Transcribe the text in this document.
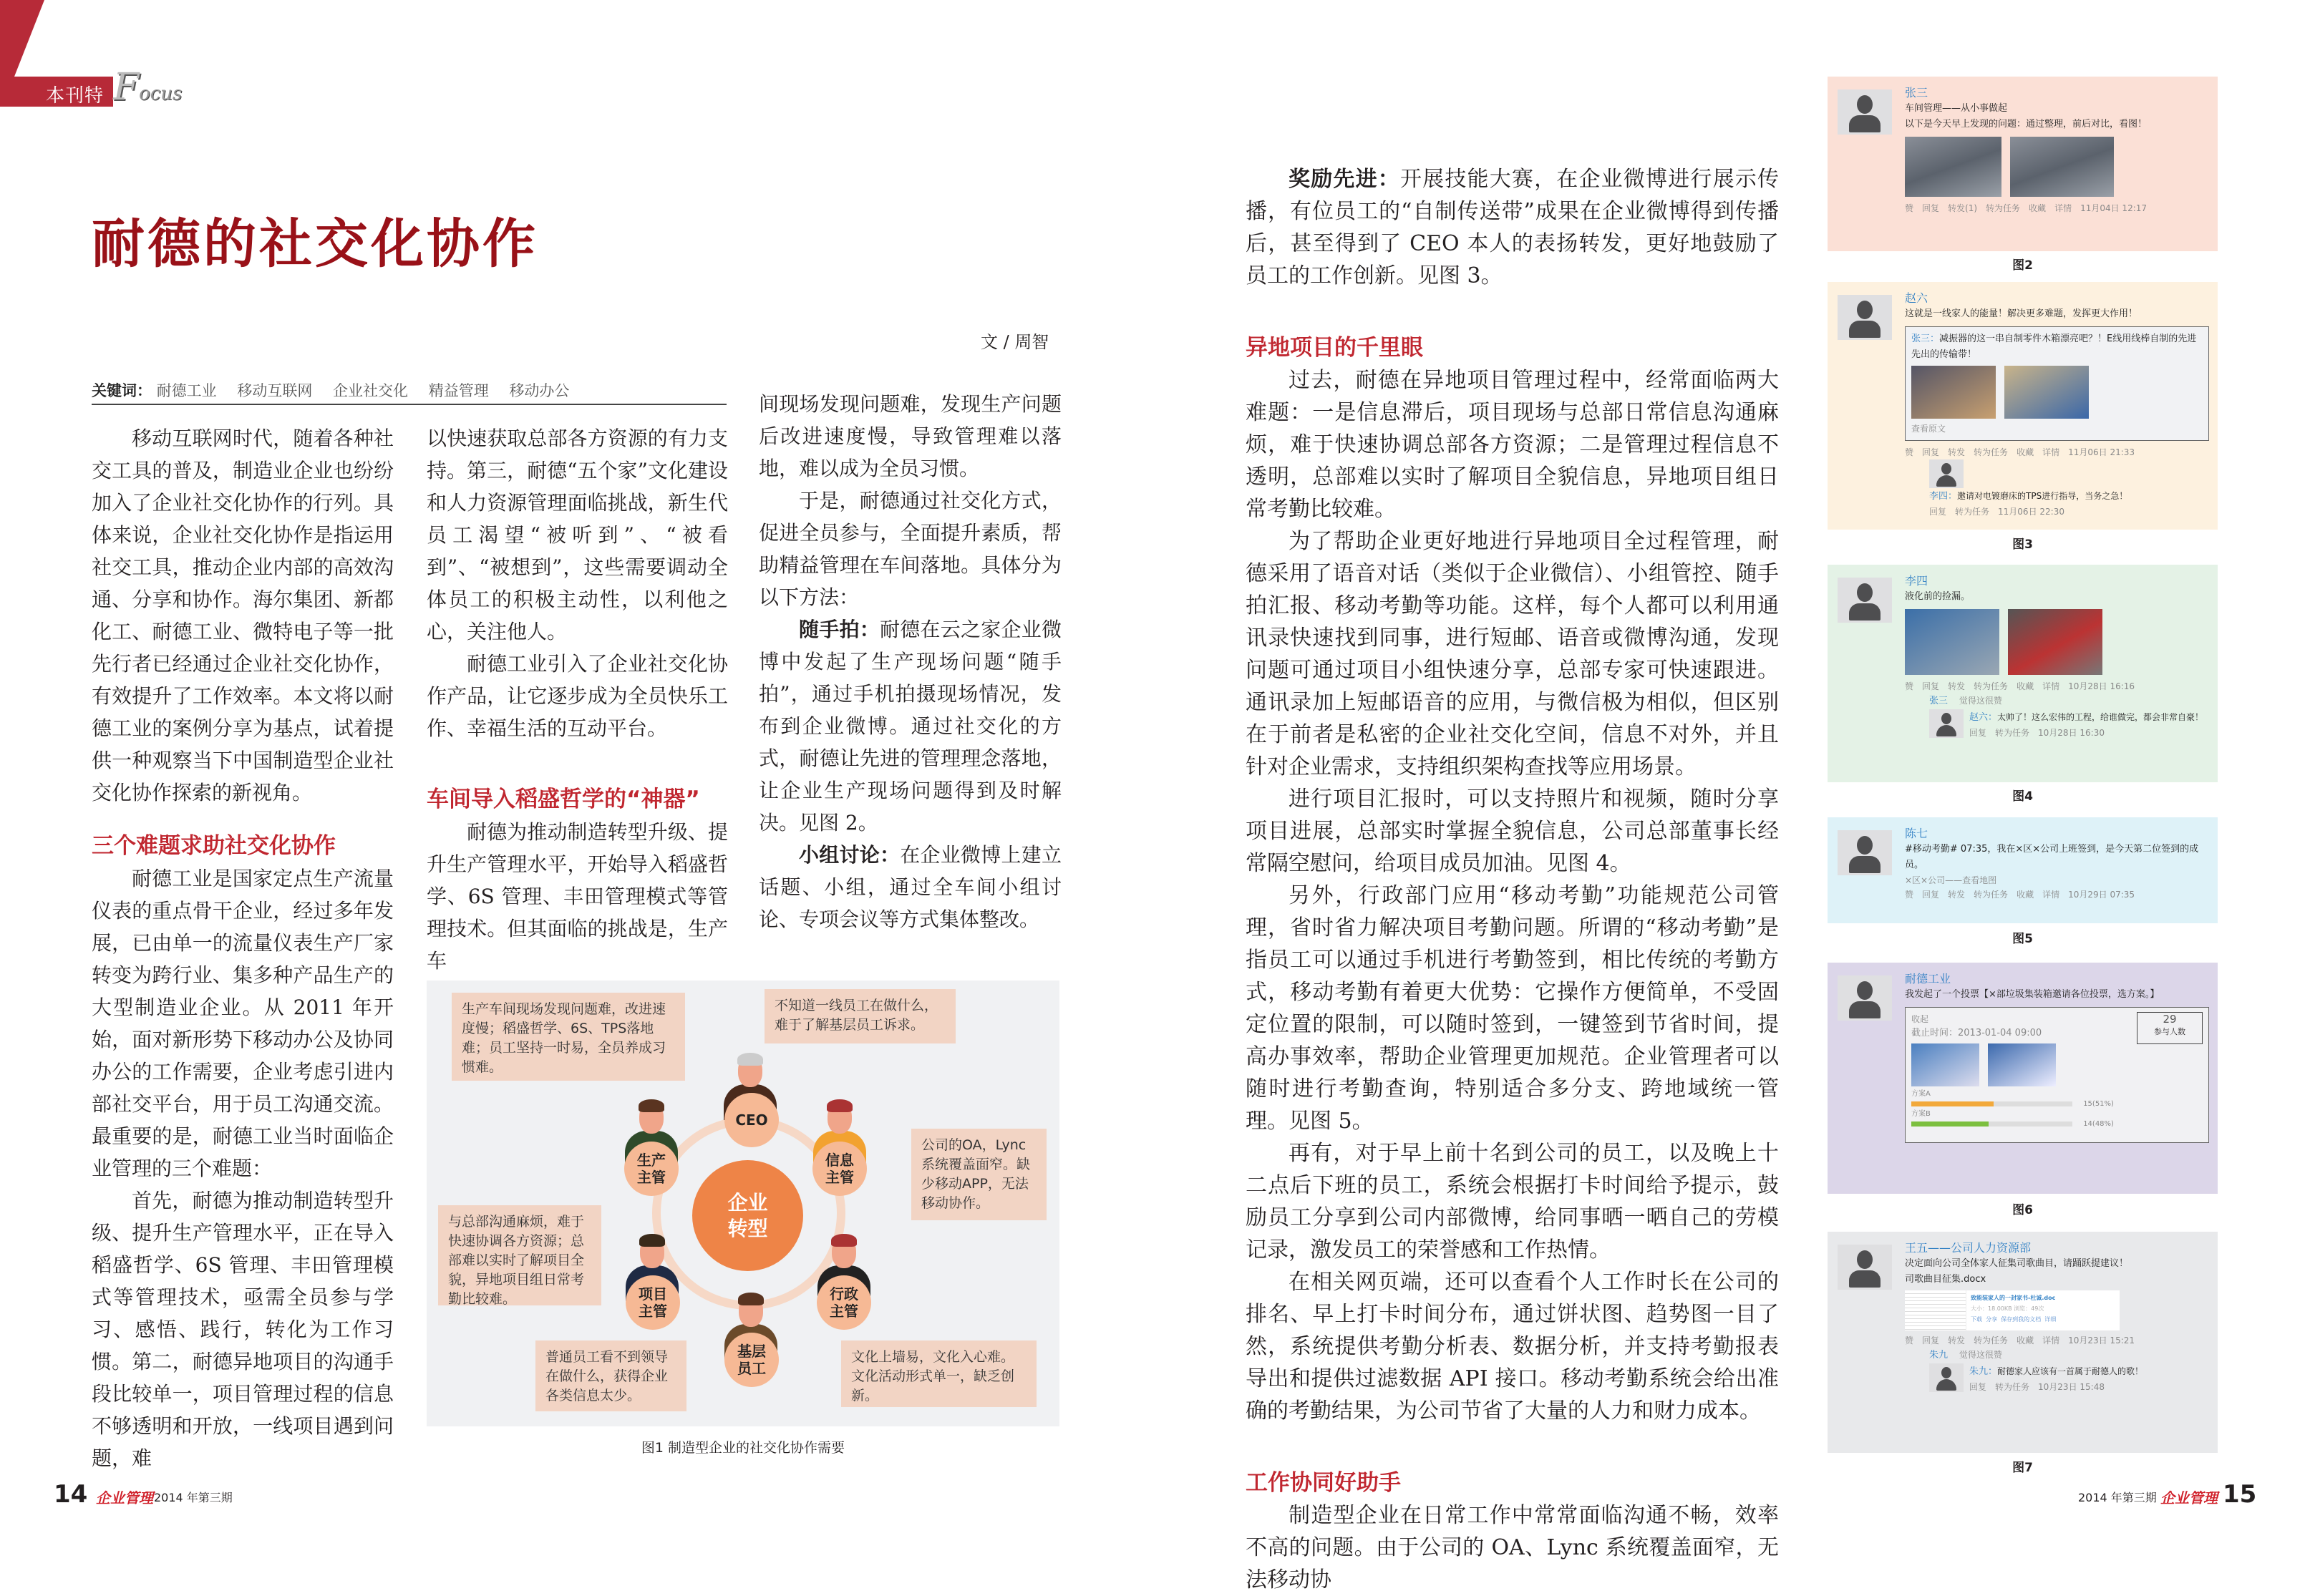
本刊特稿
Focus
耐德的社交化协作
文 / 周智
关键词： 耐德工业 移动互联网 企业社交化 精益管理 移动办公

移动互联网时代，随着各种社交工具的普及，制造业企业也纷纷加入了企业社交化协作的行列。具体来说，企业社交化协作是指运用社交工具，推动企业内部的高效沟通、分享和协作。海尔集团、新都化工、耐德工业、微特电子等一批先行者已经通过企业社交化协作，有效提升了工作效率。本文将以耐德工业的案例分享为基点，试着提供一种观察当下中国制造型企业社交化协作探索的新视角。

三个难题求助社交化协作

耐德工业是国家定点生产流量仪表的重点骨干企业，经过多年发展，已由单一的流量仪表生产厂家转变为跨行业、集多种产品生产的大型制造业企业。从 2011 年开始，面对新形势下移动办公及协同办公的工作需要，企业考虑引进内部社交平台，用于员工沟通交流。最重要的是，耐德工业当时面临企业管理的三个难题：

首先，耐德为推动制造转型升级、提升生产管理水平，正在导入稻盛哲学、6S 管理、丰田管理模式等管理技术，亟需全员参与学习、感悟、践行，转化为工作习惯。第二，耐德异地项目的沟通手段比较单一，项目管理过程的信息不够透明和开放，一线项目遇到问题，难

以快速获取总部各方资源的有力支持。第三，耐德“五个家”文化建设和人力资源管理面临挑战，新生代员工渴望“被听到”、“被看到”、“被想到”，这些需要调动全体员工的积极主动性，以利他之心，关注他人。

耐德工业引入了企业社交化协作产品，让它逐步成为全员快乐工作、幸福生活的互动平台。

车间导入稻盛哲学的“神器”

耐德为推动制造转型升级、提升生产管理水平，开始导入稻盛哲学、6S 管理、丰田管理模式等管理技术。但其面临的挑战是，生产车

间现场发现问题难，发现生产问题后改进速度慢，导致管理难以落地，难以成为全员习惯。

于是，耐德通过社交化方式，促进全员参与，全面提升素质，帮助精益管理在车间落地。具体分为以下方法：

随手拍：耐德在云之家企业微博中发起了生产现场问题“随手拍”，通过手机拍摄现场情况，发布到企业微博。通过社交化的方式，耐德让先进的管理理念落地，让企业生产现场问题得到及时解决。见图 2。

小组讨论：在企业微博上建立话题、小组，通过全车间小组讨论、专项会议等方式集体整改。

生产车间现场发现问题难，改进速度慢；稻盛哲学、6S、TPS落地难；员工坚持一时易，全员养成习惯难。
不知道一线员工在做什么，难于了解基层员工诉求。
公司的OA，Lync系统覆盖面窄。缺少移动APP，无法移动协作。
与总部沟通麻烦，难于快速协调各方资源；总部难以实时了解项目全貌，异地项目组日常考勤比较难。
普通员工看不到领导在做什么，获得企业各类信息太少。
文化上墙易，文化入心难。文化活动形式单一，缺乏创新。
企业
转型
CEO
生产
主管
信息
主管
项目
主管
行政
主管
基层
员工
图1 制造型企业的社交化协作需要

奖励先进：开展技能大赛，在企业微博进行展示传播，有位员工的“自制传送带”成果在企业微博得到传播后，甚至得到了 CEO 本人的表扬转发，更好地鼓励了员工的工作创新。见图 3。

异地项目的千里眼

过去，耐德在异地项目管理过程中，经常面临两大难题：一是信息滞后，项目现场与总部日常信息沟通麻烦，难于快速协调总部各方资源；二是管理过程信息不透明，总部难以实时了解项目全貌信息，异地项目组日常考勤比较难。

为了帮助企业更好地进行异地项目全过程管理，耐德采用了语音对话（类似于企业微信）、小组管控、随手拍汇报、移动考勤等功能。这样，每个人都可以利用通讯录快速找到同事，进行短邮、语音或微博沟通，发现问题可通过项目小组快速分享，总部专家可快速跟进。通讯录加上短邮语音的应用，与微信极为相似，但区别在于前者是私密的企业社交化空间，信息不对外，并且针对企业需求，支持组织架构查找等应用场景。

进行项目汇报时，可以支持照片和视频，随时分享项目进展，总部实时掌握全貌信息，公司总部董事长经常隔空慰问，给项目成员加油。见图 4。

另外，行政部门应用“移动考勤”功能规范公司管理，省时省力解决项目考勤问题。所谓的“移动考勤”是指员工可以通过手机进行考勤签到，相比传统的考勤方式，移动考勤有着更大优势：它操作方便简单，不受固定位置的限制，可以随时签到，一键签到节省时间，提高办事效率，帮助企业管理更加规范。企业管理者可以随时进行考勤查询，特别适合多分支、跨地域统一管理。见图 5。

再有，对于早上前十名到公司的员工，以及晚上十二点后下班的员工，系统会根据打卡时间给予提示，鼓励员工分享到公司内部微博，给同事晒一晒自己的劳模记录，激发员工的荣誉感和工作热情。

在相关网页端，还可以查看个人工作时长在公司的排名、早上打卡时间分布，通过饼状图、趋势图一目了然，系统提供考勤分析表、数据分析，并支持考勤报表导出和提供过滤数据 API 接口。移动考勤系统会给出准确的考勤结果，为公司节省了大量的人力和财力成本。

工作协同好助手

制造型企业在日常工作中常常面临沟通不畅，效率不高的问题。由于公司的 OA、Lync 系统覆盖面窄，无法移动协

张三
车间管理——从小事做起
以下是今天早上发现的问题：通过整理，前后对比，看图！
赞 回复 转发(1) 转为任务 收藏 详情 11月04日 12:17
图2
赵六
这就是一线家人的能量！解决更多难题，发挥更大作用！
张三：减振器的这一串自制零件木箱漂亮吧？！E线用线棒自制的先进先出的传输带！
查看原文
赞 回复 转发 转为任务 收藏 详情 11月06日 21:33
李四：邀请对电镀磨床的TPS进行指导，当务之急！
回复 转为任务 11月06日 22:30
图3
李四
液化前的捡漏。
赞 回复 转发 转为任务 收藏 详情 10月28日 16:16
张三 觉得这很赞
赵六：太帅了！这么宏伟的工程，给谁做完，都会非常自豪！
回复 转为任务 10月28日 16:30
图4
陈七
#移动考勤# 07:35，我在×区×公司上班签到，是今天第二位签到的成员。
×区×公司——查看地图
赞 回复 转发 转为任务 收藏 详情 10月29日 07:35
图5
耐德工业
我发起了一个投票【×部垃圾集装箱邀请各位投票，选方案。】
收起
截止时间：2013-01-04 09:00
方案A
15(51%)
方案B
14(48%)
29
参与人数
图6
王五——公司人力资源部
决定面向公司全体家人征集司歌曲目，请踊跃提建议！
司歌曲目征集.docx
致能装家人的一封家书-杜诚.doc
大小：18.00KB 浏览：49次
下载 分享 保存到我的文档 详细
赞 回复 转发 转为任务 收藏 详情 10月23日 15:21
朱九 觉得这很赞
朱九：耐德家人应该有一首属于耐德人的歌！
回复 转为任务 10月23日 15:48
图7
14 企业管理 2014 年第三期	2014 年第三期 企业管理 15
